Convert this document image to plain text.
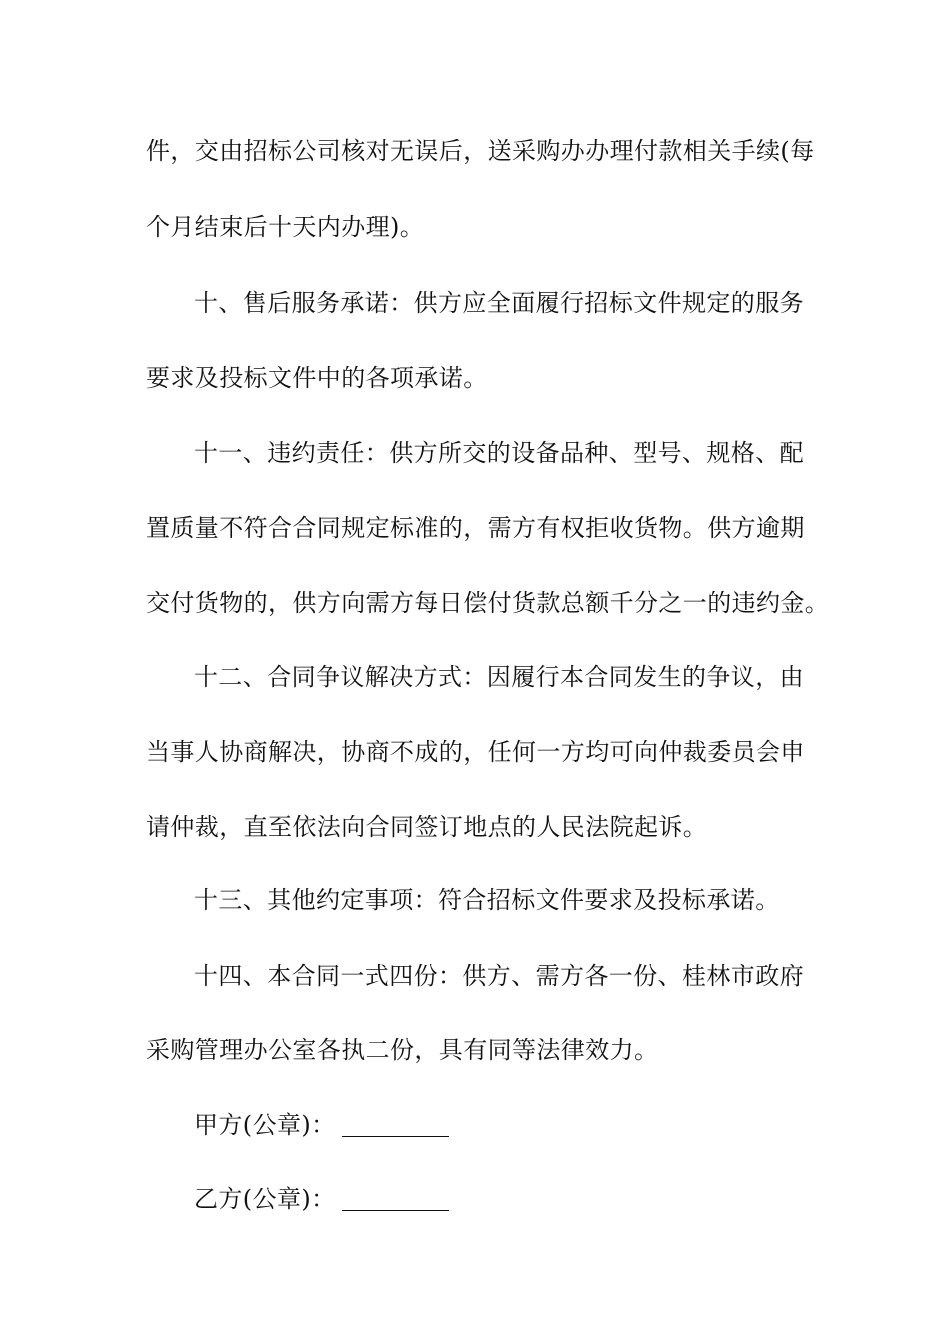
件，交由招标公司核对无误后，送采购办办理付款相关手续(每
个月结束后十天内办理)。
十、售后服务承诺：供方应全面履行招标文件规定的服务
要求及投标文件中的各项承诺。
十一、违约责任：供方所交的设备品种、型号、规格、配
置质量不符合合同规定标准的，需方有权拒收货物。供方逾期
交付货物的，供方向需方每日偿付货款总额千分之一的违约金。
十二、合同争议解决方式：因履行本合同发生的争议，由
当事人协商解决，协商不成的，任何一方均可向仲裁委员会申
请仲裁，直至依法向合同签订地点的人民法院起诉。
十三、其他约定事项：符合招标文件要求及投标承诺。
十四、本合同一式四份：供方、需方各一份、桂林市政府
采购管理办公室各执二份，具有同等法律效力。
甲方(公章)：
乙方(公章)：
